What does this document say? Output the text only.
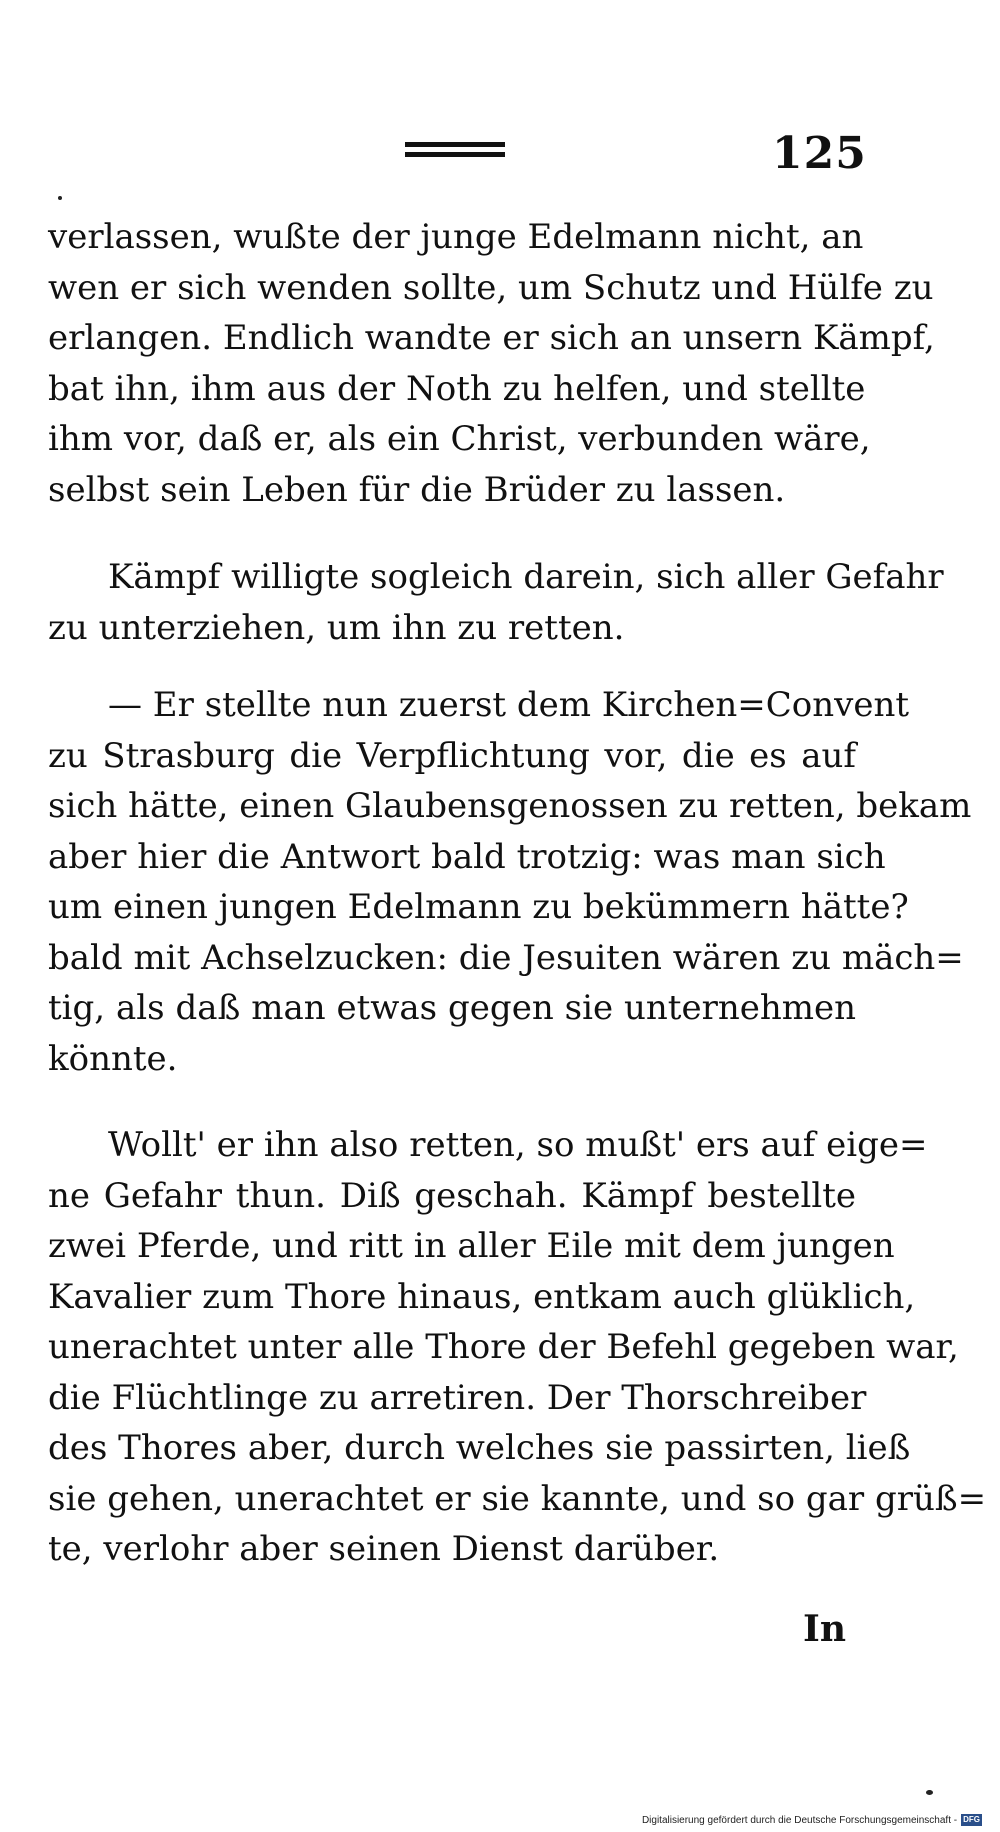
125
verlassen, wußte der junge Edelmann nicht, an
wen er sich wenden sollte, um Schutz und Hülfe zu
erlangen. Endlich wandte er sich an unsern Kämpf,
bat ihn, ihm aus der Noth zu helfen, und stellte
ihm vor, daß er, als ein Christ, verbunden wäre,
selbst sein Leben für die Brüder zu lassen.
Kämpf willigte sogleich darein, sich aller Gefahr
zu unterziehen, um ihn zu retten.
— Er stellte nun zuerst dem Kirchen=Convent
zu Strasburg die Verpflichtung vor, die es auf
sich hätte, einen Glaubensgenossen zu retten, bekam
aber hier die Antwort bald trotzig: was man sich
um einen jungen Edelmann zu bekümmern hätte?
bald mit Achselzucken: die Jesuiten wären zu mäch=
tig, als daß man etwas gegen sie unternehmen
könnte.
Wollt' er ihn also retten, so mußt' ers auf eige=
ne Gefahr thun. Diß geschah. Kämpf bestellte
zwei Pferde, und ritt in aller Eile mit dem jungen
Kavalier zum Thore hinaus, entkam auch glüklich,
unerachtet unter alle Thore der Befehl gegeben war,
die Flüchtlinge zu arretiren. Der Thorschreiber
des Thores aber, durch welches sie passirten, ließ
sie gehen, unerachtet er sie kannte, und so gar grüß=
te, verlohr aber seinen Dienst darüber.
In
Digitalisierung gefördert durch die Deutsche Forschungsgemeinschaft - DFG
